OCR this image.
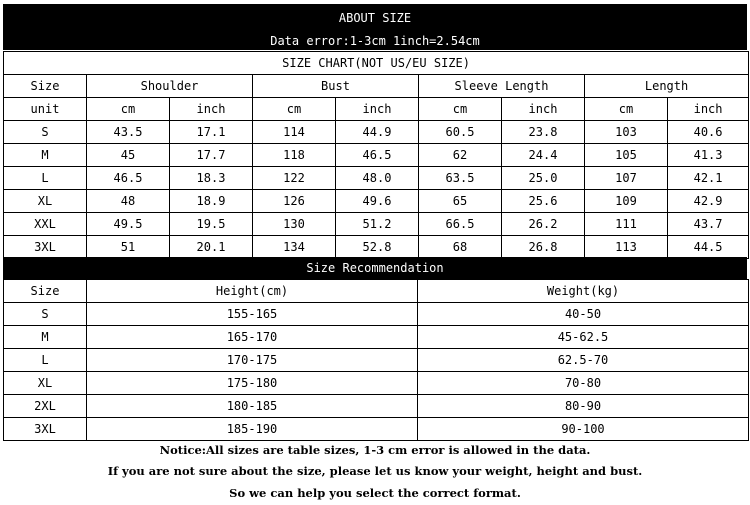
ABOUT SIZE
Data error:1-3cm 1inch=2.54cm
SIZE CHART(NOT US/EU SIZE)								
Size	Shoulder		Bust		Sleeve Length		Length	
unit	cm	inch	cm	inch	cm	inch	cm	inch
S	43.5	17.1	114	44.9	60.5	23.8	103	40.6
M	45	17.7	118	46.5	62	24.4	105	41.3
L	46.5	18.3	122	48.0	63.5	25.0	107	42.1
XL	48	18.9	126	49.6	65	25.6	109	42.9
XXL	49.5	19.5	130	51.2	66.5	26.2	111	43.7
3XL	51	20.1	134	52.8	68	26.8	113	44.5
Size Recommendation
Size	Height(cm)	Weight(kg)
S	155-165	40-50
M	165-170	45-62.5
L	170-175	62.5-70
XL	175-180	70-80
2XL	180-185	80-90
3XL	185-190	90-100
Notice:All sizes are table sizes, 1-3 cm error is allowed in the data.
If you are not sure about the size, please let us know your weight, height and bust.
So we can help you select the correct format.
